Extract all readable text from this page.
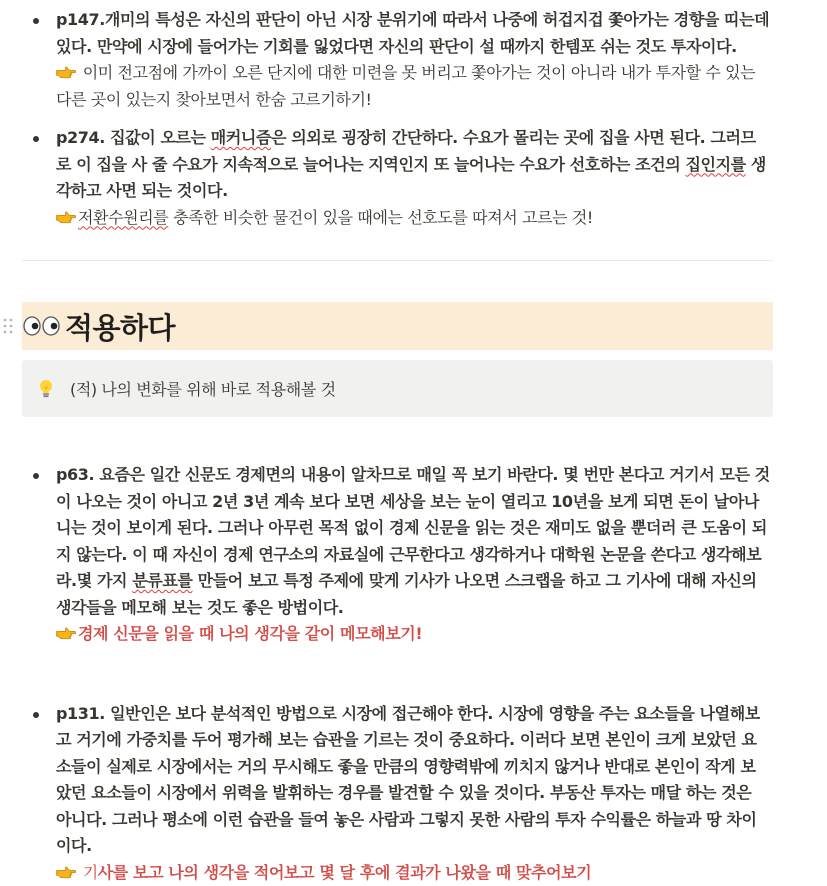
p147.개미의 특성은 자신의 판단이 아닌 시장 분위기에 따라서 나중에 허겁지겁 쫓아가는 경향을 띠는데 있다. 만약에 시장에 들어가는 기회를 잃었다면 자신의 판단이 설 때까지 한템포 쉬는 것도 투자이다.
이미 전고점에 가까이 오른 단지에 대한 미련을 못 버리고 쫓아가는 것이 아니라 내가 투자할 수 있는 다른 곳이 있는지 찾아보면서 한숨 고르기하기!
p274. 집값이 오르는 매커니즘은 의외로 굉장히 간단하다. 수요가 몰리는 곳에 집을 사면 된다. 그러므로 이 집을 사 줄 수요가 지속적으로 늘어나는 지역인지 또 늘어나는 수요가 선호하는 조건의 집인지를 생각하고 사면 되는 것이다.
저환수원리를 충족한 비슷한 물건이 있을 때에는 선호도를 따져서 고르는 것!
적용하다
(적) 나의 변화를 위해 바로 적용해볼 것
p63. 요즘은 일간 신문도 경제면의 내용이 알차므로 매일 꼭 보기 바란다. 몇 번만 본다고 거기서 모든 것이 나오는 것이 아니고 2년 3년 계속 보다 보면 세상을 보는 눈이 열리고 10년을 보게 되면 돈이 날아나니는 것이 보이게 된다. 그러나 아무런 목적 없이 경제 신문을 읽는 것은 재미도 없을 뿐더러 큰 도움이 되지 않는다. 이 때 자신이 경제 연구소의 자료실에 근무한다고 생각하거나 대학원 논문을 쓴다고 생각해보라.몇 가지 분류표를 만들어 보고 특정 주제에 맞게 기사가 나오면 스크랩을 하고 그 기사에 대해 자신의 생각들을 메모해 보는 것도 좋은 방법이다.
경제 신문을 읽을 때 나의 생각을 같이 메모해보기!
p131. 일반인은 보다 분석적인 방법으로 시장에 접근해야 한다. 시장에 영향을 주는 요소들을 나열해보고 거기에 가중치를 두어 평가해 보는 습관을 기르는 것이 중요하다. 이러다 보면 본인이 크게 보았던 요소들이 실제로 시장에서는 거의 무시해도 좋을 만큼의 영향력밖에 끼치지 않거나 반대로 본인이 작게 보았던 요소들이 시장에서 위력을 발휘하는 경우를 발견할 수 있을 것이다. 부동산 투자는 매달 하는 것은 아니다. 그러나 평소에 이런 습관을 들여 놓은 사람과 그렇지 못한 사람의 투자 수익률은 하늘과 땅 차이이다.
기사를 보고 나의 생각을 적어보고 몇 달 후에 결과가 나왔을 때 맞추어보기
